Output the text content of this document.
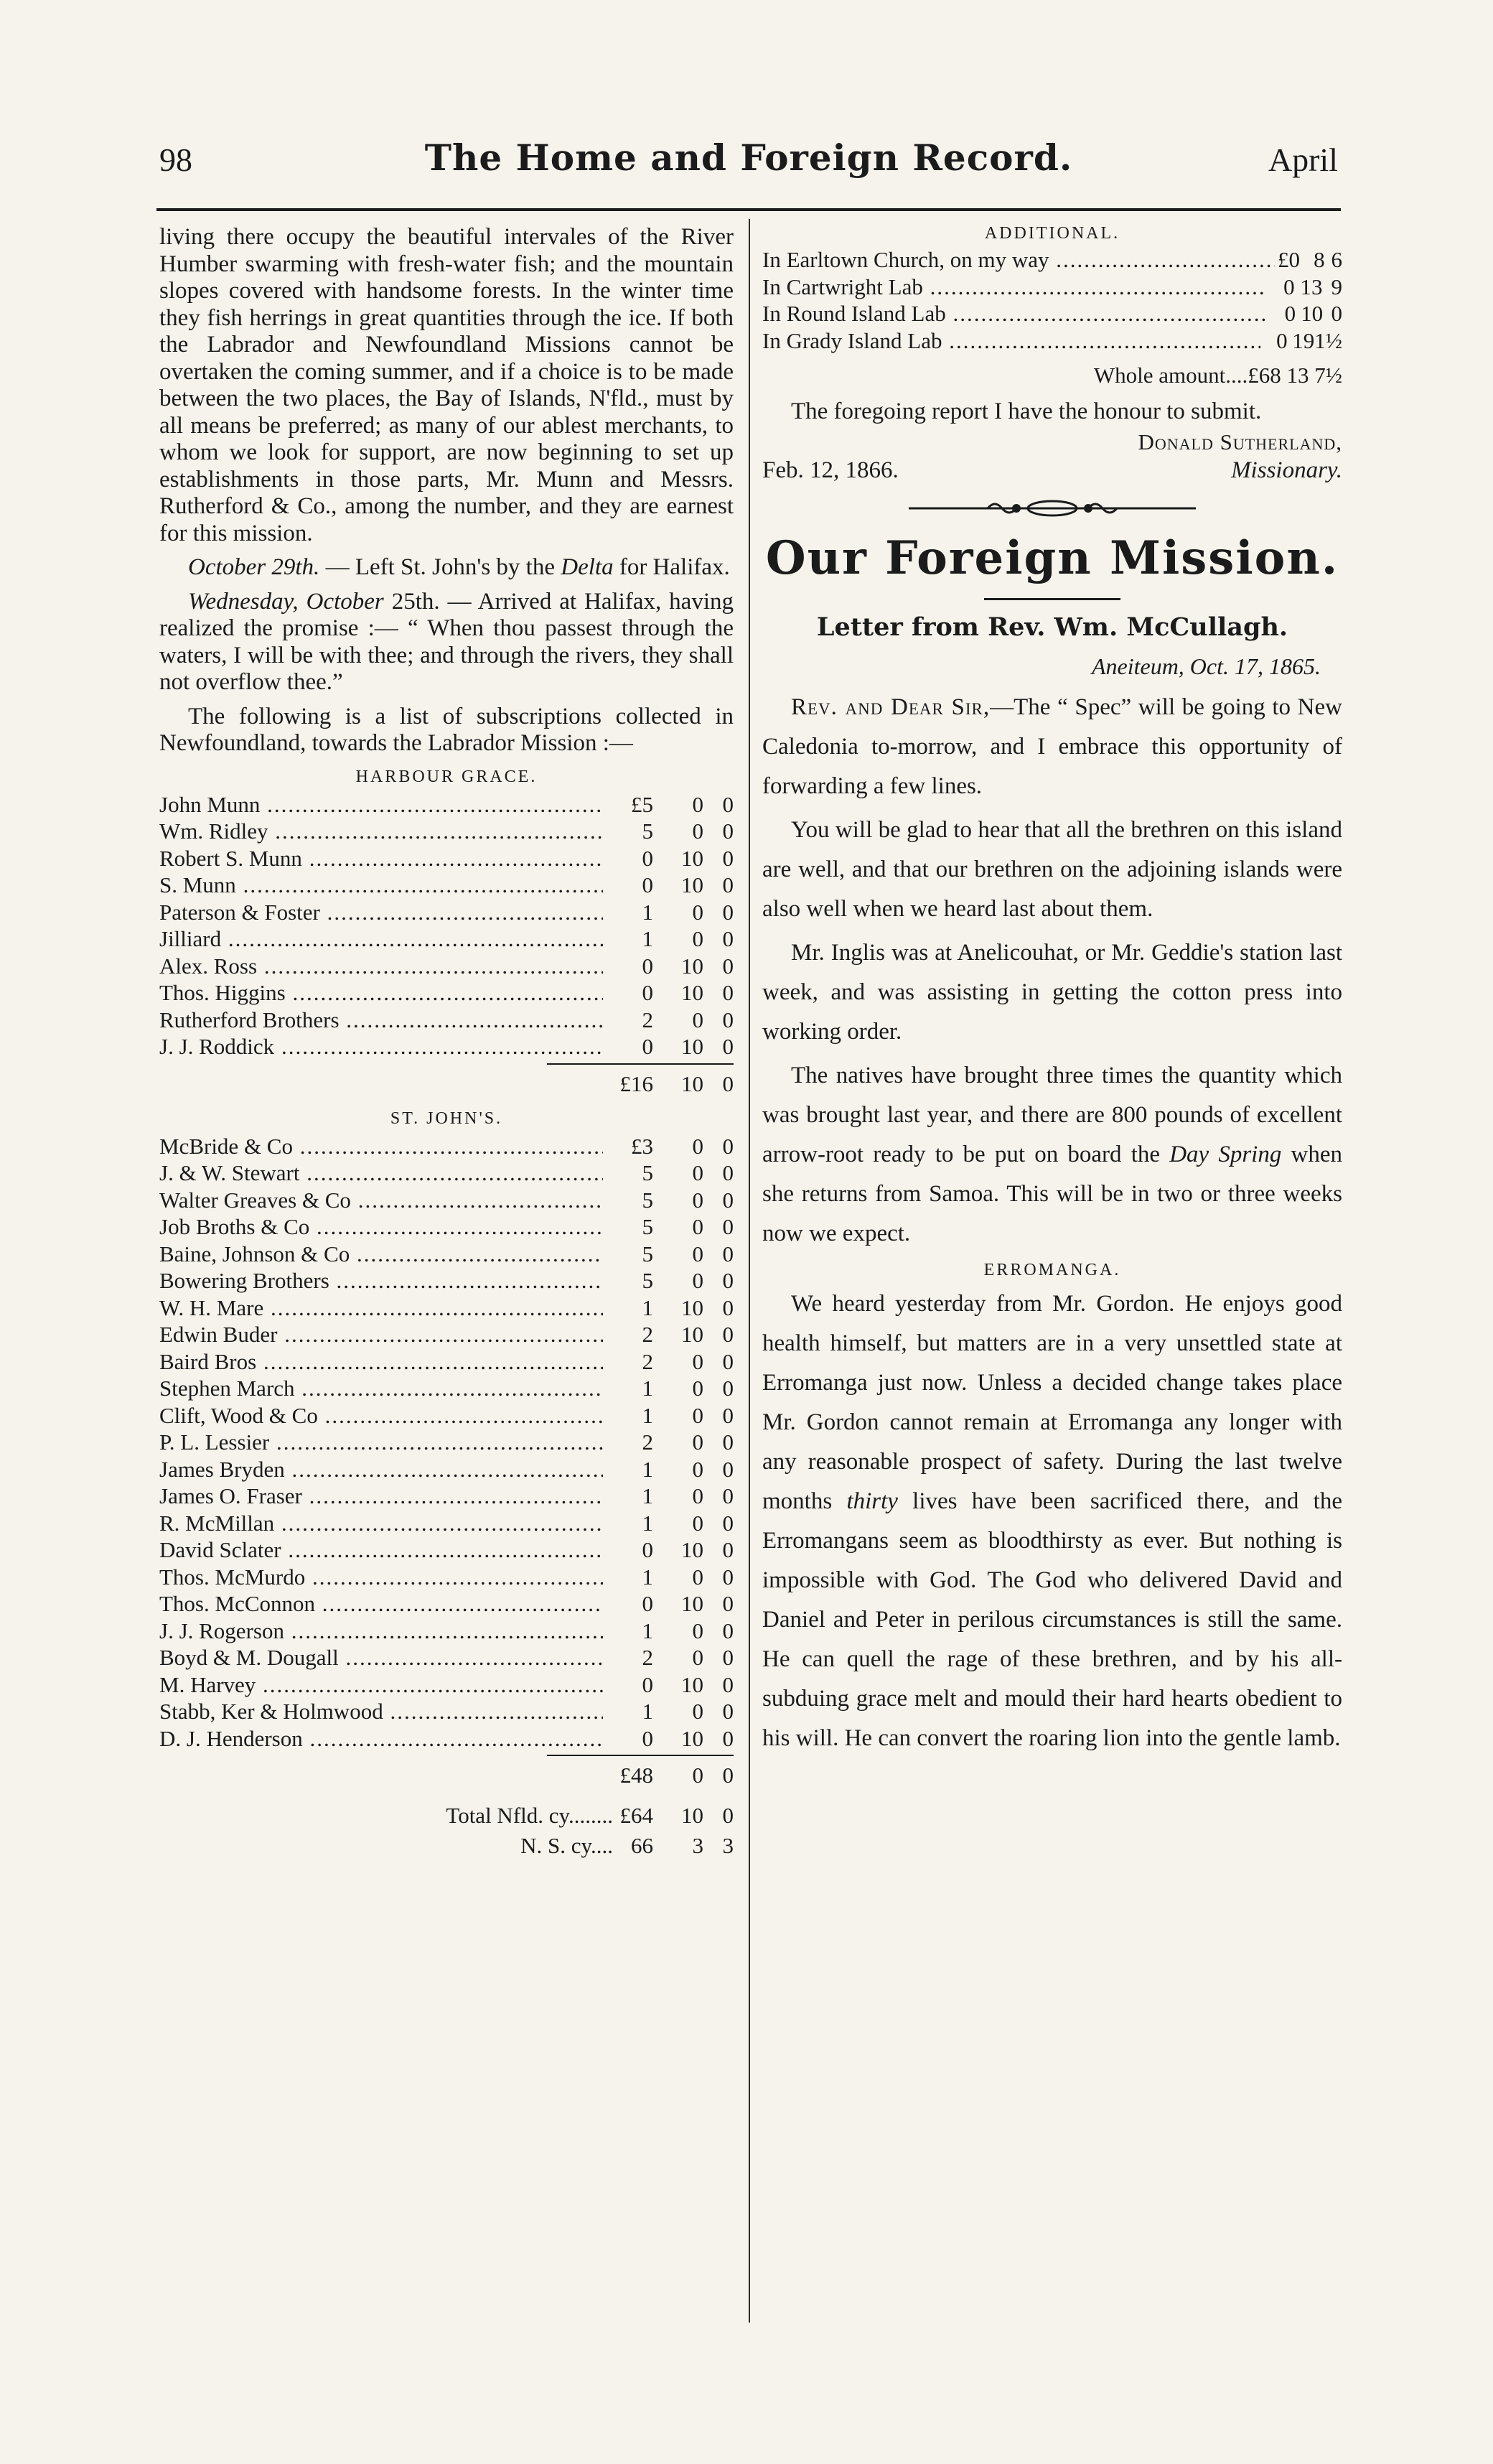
98	The Home and Foreign Record.	April

living there occupy the beautiful intervales of the River Humber swarming with fresh-water fish; and the mountain slopes covered with handsome forests. In the winter time they fish herrings in great quantities through the ice. If both the Labrador and Newfoundland Missions cannot be overtaken the coming summer, and if a choice is to be made between the two places, the Bay of Islands, N'fld., must by all means be preferred; as many of our ablest merchants, to whom we look for support, are now beginning to set up establishments in those parts, Mr. Munn and Messrs. Rutherford & Co., among the number, and they are earnest for this mission.

October 29th. — Left St. John's by the Delta for Halifax.

Wednesday, October 25th. — Arrived at Halifax, having realized the promise :— “ When thou passest through the waters, I will be with thee; and through the rivers, they shall not overflow thee.”

The following is a list of subscriptions collected in Newfoundland, towards the Labrador Mission :—

HARBOUR GRACE.
John Munn .....	£5	0 0
Wm. Ridley .....	5	0 0
Robert S. Munn .....	0	10 0
S. Munn .....	0	10 0
Paterson & Foster .....	1	0 0
Jilliard .....	1	0 0
Alex. Ross .....	0	10 0
Thos. Higgins .....	0	10 0
Rutherford Brothers .....	2	0 0
J. J. Roddick .....	0	10 0
£16	10 0
ST. JOHN'S.
McBride & Co .....	£3	0 0
J. & W. Stewart .....	5	0 0
Walter Greaves & Co .....	5	0 0
Job Broths & Co .....	5	0 0
Baine, Johnson & Co .....	5	0 0
Bowering Brothers .....	5	0 0
W. H. Mare .....	1	10 0
Edwin Buder .....	2	10 0
Baird Bros .....	2	0 0
Stephen March .....	1	0 0
Clift, Wood & Co .....	1	0 0
P. L. Lessier .....	2	0 0
James Bryden .....	1	0 0
James O. Fraser .....	1	0 0
R. McMillan .....	1	0 0
David Sclater .....	0	10 0
Thos. McMurdo .....	1	0 0
Thos. McConnon .....	0	10 0
J. J. Rogerson .....	1	0 0
Boyd & M. Dougall .....	2	0 0
M. Harvey .....	0	10 0
Stabb, Ker & Holmwood .....	1	0 0
D. J. Henderson .....	0	10 0
£48	0 0
Total Nfld. cy........ £64	10 0
N. S. cy.... 66	3 3
ADDITIONAL.
In Earltown Church, on my way .....	£0 8 6
In Cartwright Lab .....	0 13 9
In Round Island Lab .....	0 10 0
In Grady Island Lab .....	0 19 1½
Whole amount....£68 13 7½

The foregoing report I have the honour to submit.

Donald Sutherland,
Feb. 12, 1866.	Missionary.
Our Foreign Mission.
Letter from Rev. Wm. McCullagh.
Aneiteum, Oct. 17, 1865.

Rev. and Dear Sir,—The “ Spec” will be going to New Caledonia to-morrow, and I embrace this opportunity of forwarding a few lines.

You will be glad to hear that all the brethren on this island are well, and that our brethren on the adjoining islands were also well when we heard last about them.

Mr. Inglis was at Anelicouhat, or Mr. Geddie's station last week, and was assisting in getting the cotton press into working order.

The natives have brought three times the quantity which was brought last year, and there are 800 pounds of excellent arrow-root ready to be put on board the Day Spring when she returns from Samoa. This will be in two or three weeks now we expect.

ERROMANGA.

We heard yesterday from Mr. Gordon. He enjoys good health himself, but matters are in a very unsettled state at Erromanga just now. Unless a decided change takes place Mr. Gordon cannot remain at Erromanga any longer with any reasonable prospect of safety. During the last twelve months thirty lives have been sacrificed there, and the Erromangans seem as bloodthirsty as ever. But nothing is impossible with God. The God who delivered David and Daniel and Peter in perilous circumstances is still the same. He can quell the rage of these brethren, and by his all-subduing grace melt and mould their hard hearts obedient to his will. He can convert the roaring lion into the gentle lamb.
